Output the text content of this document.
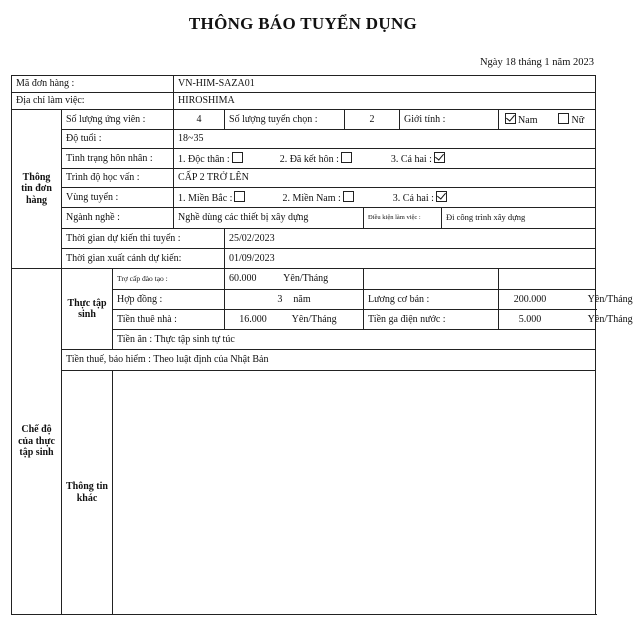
THÔNG BÁO TUYỂN DỤNG
Ngày 18 tháng 1 năm 2023
Mã đơn hàng :			VN-HIM-SAZA01						
Địa chỉ làm việc:			HIROSHIMA						
Thông tin đơn hàng	Số lượng ứng viên :		4	Số lượng tuyển chọn :	2		Giới tính :		Nam Nữ
	Độ tuổi :		18~35						
	Tình trạng hôn nhân :		1. Độc thân : 2. Đã kết hôn : 3. Cả hai :						
	Trình độ học vấn :		CẤP 2 TRỞ LÊN						
	Vùng tuyển :		1. Miền Bắc : 2. Miền Nam : 3. Cả hai :						
	Ngành nghề :		Nghề dùng các thiết bị xây dựng			Điều kiện làm việc :		Đi công trình xây dựng	
	Thời gian dự kiến thi tuyển :			25/02/2023					
	Thời gian xuất cảnh dự kiến:			01/09/2023					
Chế độ của thực tập sinh	Thực tập sinh	Trợ cấp đào tạo :		60.000 Yên/Tháng					
		Hợp đồng :		3 năm		Lương cơ bản :			200.000 Yên/Tháng
		Tiền thuê nhà :		16.000 Yên/Tháng		Tiền ga điện nước :			5.000 Yên/Tháng
		Tiền ăn : Thực tập sinh tự túc							
	Tiền thuế, bảo hiểm : Theo luật định của Nhật Bản								
	Thông tin khác								
